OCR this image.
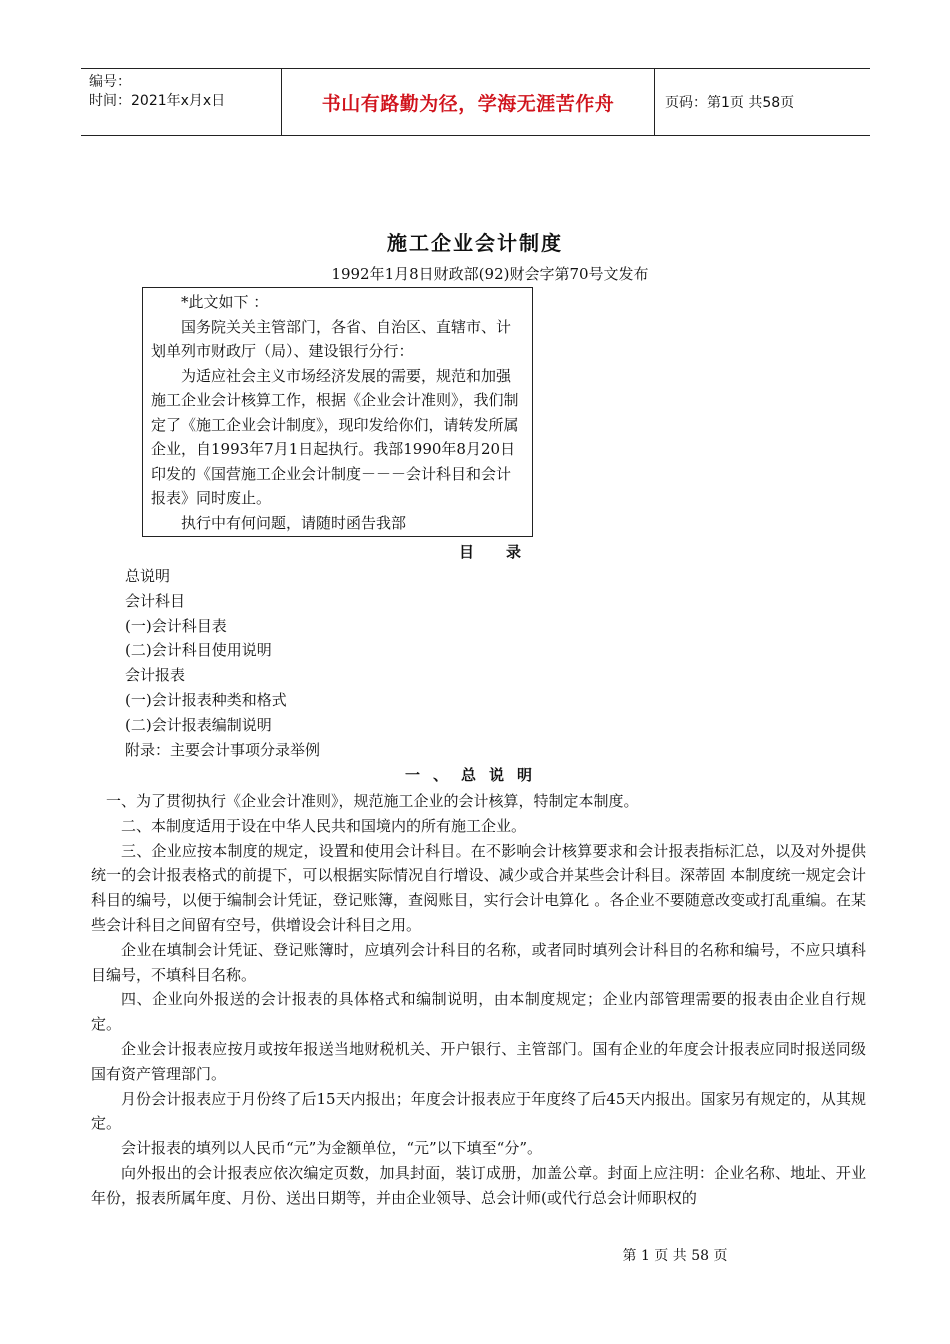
编号：
时间：2021年x月x日	书山有路勤为径，学海无涯苦作舟	页码：第1页 共58页
施工企业会计制度
1992年1月8日财政部(92)财会字第70号文发布

*此文如下 ：

国务院关关主管部门，各省、自治区、直辖市、计划单列市财政厅（局）、建设银行分行：

为适应社会主义市场经济发展的需要，规范和加强施工企业会计核算工作，根据《企业会计准则》，我们制定了《施工企业会计制度》，现印发给你们，请转发所属企业，自1993年7月1日起执行。我部1990年8月20日印发的《国营施工企业会计制度－－－会计科目和会计报表》同时废止。

执行中有何问题，请随时函告我部

目录
总说明
会计科目
(一)会计科目表
(二)会计科目使用说明
会计报表
(一)会计报表种类和格式
(二)会计报表编制说明
附录：主要会计事项分录举例
一、总说明

一、为了贯彻执行《企业会计准则》，规范施工企业的会计核算，特制定本制度。

二、本制度适用于设在中华人民共和国境内的所有施工企业。

三、企业应按本制度的规定，设置和使用会计科目。在不影响会计核算要求和会计报表指标汇总，以及对外提供统一的会计报表格式的前提下，可以根据实际情况自行增设、减少或合并某些会计科目。深蒂固 本制度统一规定会计科目的编号，以便于编制会计凭证，登记账簿，查阅账目，实行会计电算化 。各企业不要随意改变或打乱重编。在某些会计科目之间留有空号，供增设会计科目之用。

企业在填制会计凭证、登记账簿时，应填列会计科目的名称，或者同时填列会计科目的名称和编号，不应只填科目编号，不填科目名称。

四、企业向外报送的会计报表的具体格式和编制说明，由本制度规定；企业内部管理需要的报表由企业自行规定。

企业会计报表应按月或按年报送当地财税机关、开户银行、主管部门。国有企业的年度会计报表应同时报送同级国有资产管理部门。

月份会计报表应于月份终了后15天内报出；年度会计报表应于年度终了后45天内报出。国家另有规定的，从其规定。

会计报表的填列以人民币“元”为金额单位，“元”以下填至“分”。

向外报出的会计报表应依次编定页数，加具封面，装订成册，加盖公章。封面上应注明：企业名称、地址、开业年份，报表所属年度、月份、送出日期等，并由企业领导、总会计师(或代行总会计师职权的

第 1 页 共 58 页
